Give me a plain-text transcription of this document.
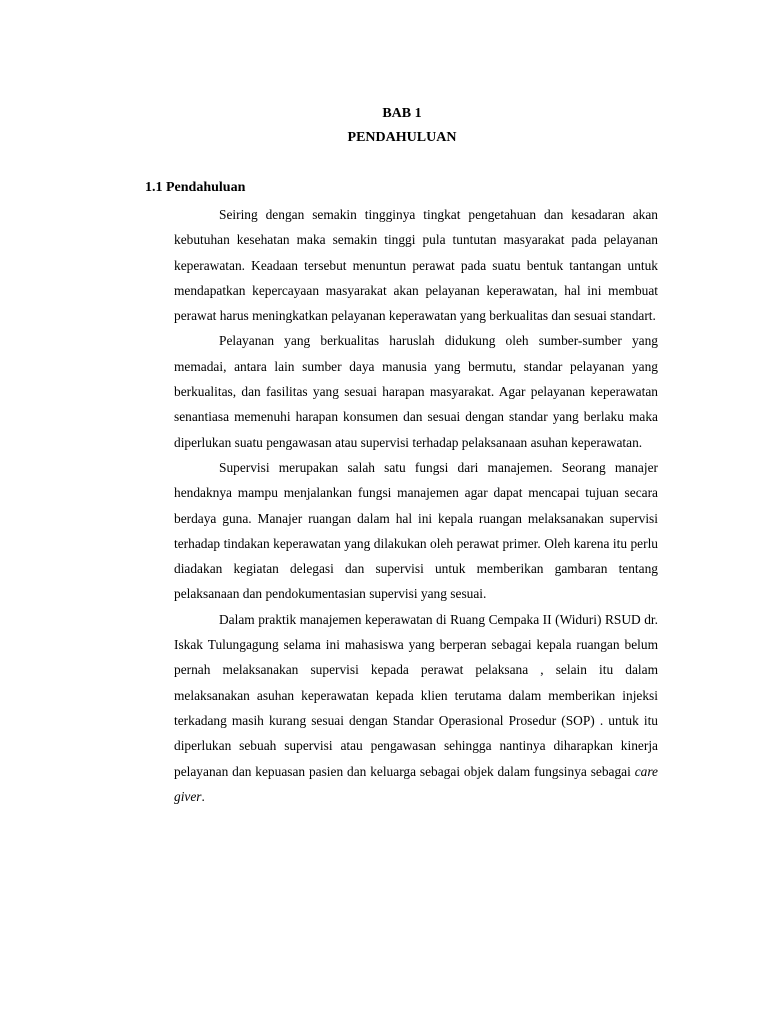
BAB 1
PENDAHULUAN
1.1 Pendahuluan

Seiring dengan semakin tingginya tingkat pengetahuan dan kesadaran akan kebutuhan kesehatan maka semakin tinggi pula tuntutan masyarakat pada pelayanan keperawatan. Keadaan tersebut menuntun perawat pada suatu bentuk tantangan untuk mendapatkan kepercayaan masyarakat akan pelayanan keperawatan, hal ini membuat perawat harus meningkatkan pelayanan keperawatan yang berkualitas dan sesuai standart.

Pelayanan yang berkualitas haruslah didukung oleh sumber-sumber yang memadai, antara lain sumber daya manusia yang bermutu, standar pelayanan yang berkualitas, dan fasilitas yang sesuai harapan masyarakat. Agar pelayanan keperawatan senantiasa memenuhi harapan konsumen dan sesuai dengan standar yang berlaku maka diperlukan suatu pengawasan atau supervisi terhadap pelaksanaan asuhan keperawatan.

Supervisi merupakan salah satu fungsi dari manajemen. Seorang manajer hendaknya mampu menjalankan fungsi manajemen agar dapat mencapai tujuan secara berdaya guna. Manajer ruangan dalam hal ini kepala ruangan melaksanakan supervisi terhadap tindakan keperawatan yang dilakukan oleh perawat primer. Oleh karena itu perlu diadakan kegiatan delegasi dan supervisi untuk memberikan gambaran tentang pelaksanaan dan pendokumentasian supervisi yang sesuai.

Dalam praktik manajemen keperawatan di Ruang Cempaka II (Widuri) RSUD dr. Iskak Tulungagung selama ini mahasiswa yang berperan sebagai kepala ruangan belum pernah melaksanakan supervisi kepada perawat pelaksana , selain itu dalam melaksanakan asuhan keperawatan kepada klien terutama dalam memberikan injeksi terkadang masih kurang sesuai dengan Standar Operasional Prosedur (SOP) . untuk itu diperlukan sebuah supervisi atau pengawasan sehingga nantinya diharapkan kinerja pelayanan dan kepuasan pasien dan keluarga sebagai objek dalam fungsinya sebagai care giver.
